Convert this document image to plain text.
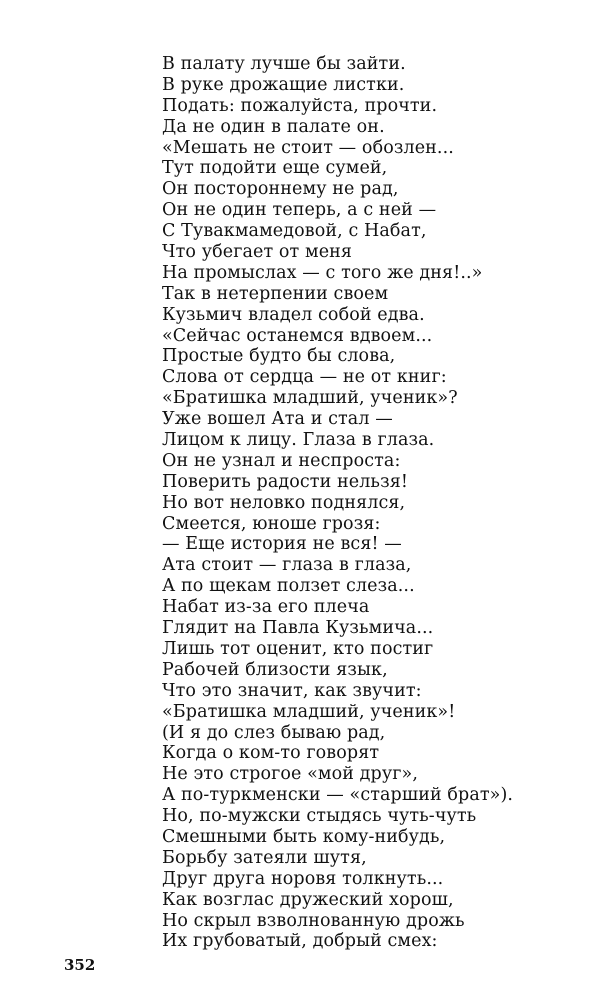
В палату лучше бы зайти.
В руке дрожащие листки.
Подать: пожалуйста, прочти.
Да не один в палате он.
«Мешать не стоит — обозлен...
Тут подойти еще сумей,
Он постороннему не рад,
Он не один теперь, а с ней —
С Тувакмамедовой, с Набат,
Что убегает от меня
На промыслах — с того же дня!..»
Так в нетерпении своем
Кузьмич владел собой едва.
«Сейчас останемся вдвоем...
Простые будто бы слова,
Слова от сердца — не от книг:
«Братишка младший, ученик»?
Уже вошел Ата и стал —
Лицом к лицу. Глаза в глаза.
Он не узнал и неспроста:
Поверить радости нельзя!
Но вот неловко поднялся,
Смеется, юноше грозя:
— Еще история не вся! —
Ата стоит — глаза в глаза,
А по щекам ползет слеза...
Набат из-за его плеча
Глядит на Павла Кузьмича...
Лишь тот оценит, кто постиг
Рабочей близости язык,
Что это значит, как звучит:
«Братишка младший, ученик»!
(И я до слез бываю рад,
Когда о ком-то говорят
Не это строгое «мой друг»,
А по-туркменски — «старший брат»).
Но, по-мужски стыдясь чуть-чуть
Смешными быть кому-нибудь,
Борьбу затеяли шутя,
Друг друга норовя толкнуть...
Как возглас дружеский хорош,
Но скрыл взволнованную дрожь
Их грубоватый, добрый смех:
352
